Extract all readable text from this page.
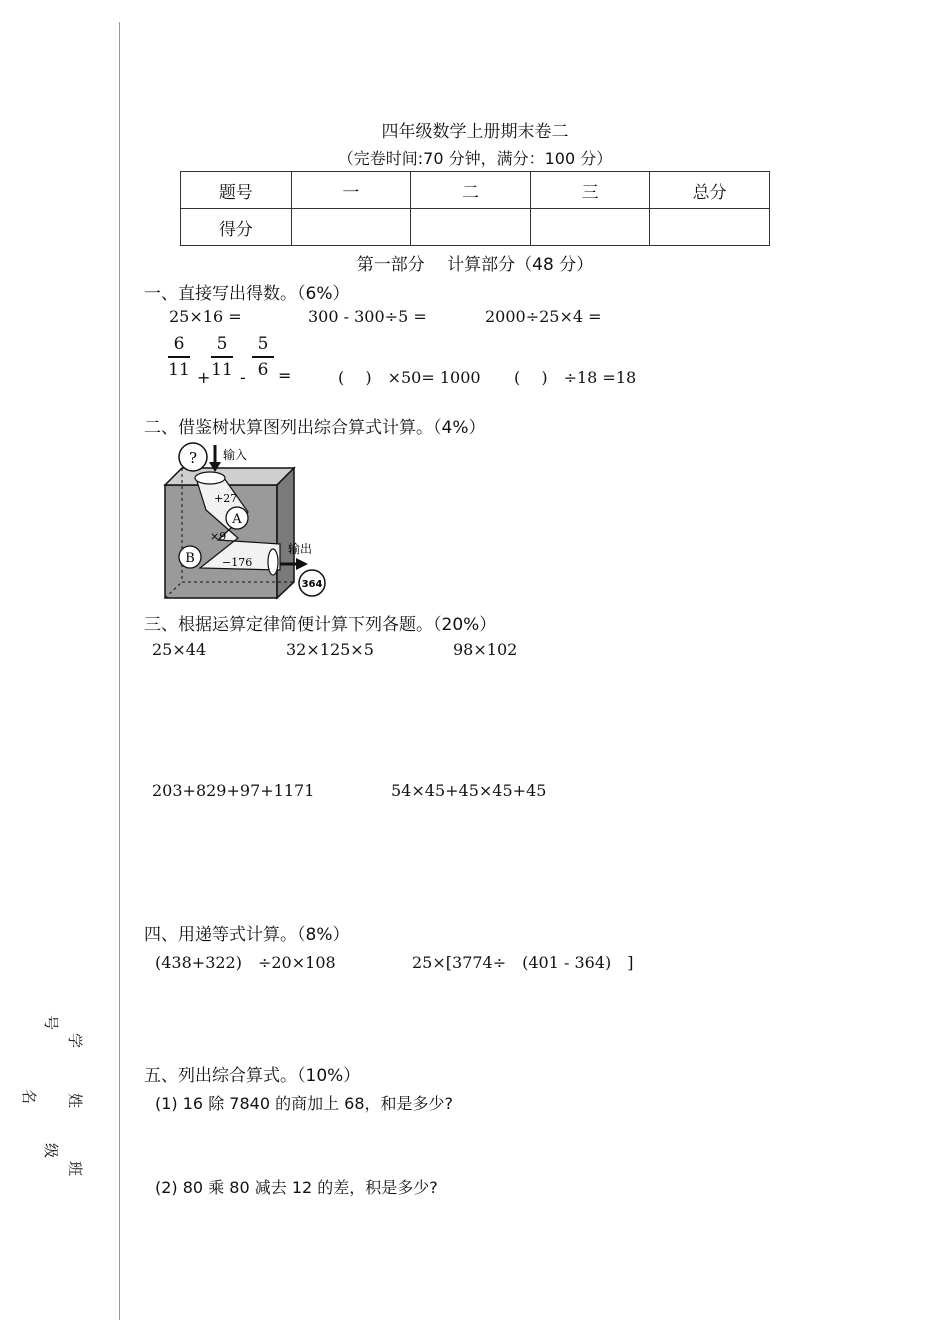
学
号
姓
名
班
级
四年级数学上册期末卷二
（完卷时间:70 分钟，满分：100 分）
题号	一	二	三	总分
得分				
第一部分　 计算部分（48 分）
一、直接写出得数。（6%）
25×16 =	300 - 300÷5 =	2000÷25×4 =
6
11 +
5
11 -
5
6 =	(　 )　×50= 1000 (　 )　÷18 =18
二、借鉴树状算图列出综合算式计算。（4%）
? 输入
+27
A
×9
B −176
输出
364
三、根据运算定律简便计算下列各题。（20%）
25×44	32×125×5	98×102
203+829+97+1171	54×45+45×45+45
四、用递等式计算。（8%）
(438+322)　÷20×108	25×[3774÷　(401 - 364)　]
五、列出综合算式。（10%）
(1) 16 除 7840 的商加上 68，和是多少?
(2) 80 乘 80 减去 12 的差，积是多少?
